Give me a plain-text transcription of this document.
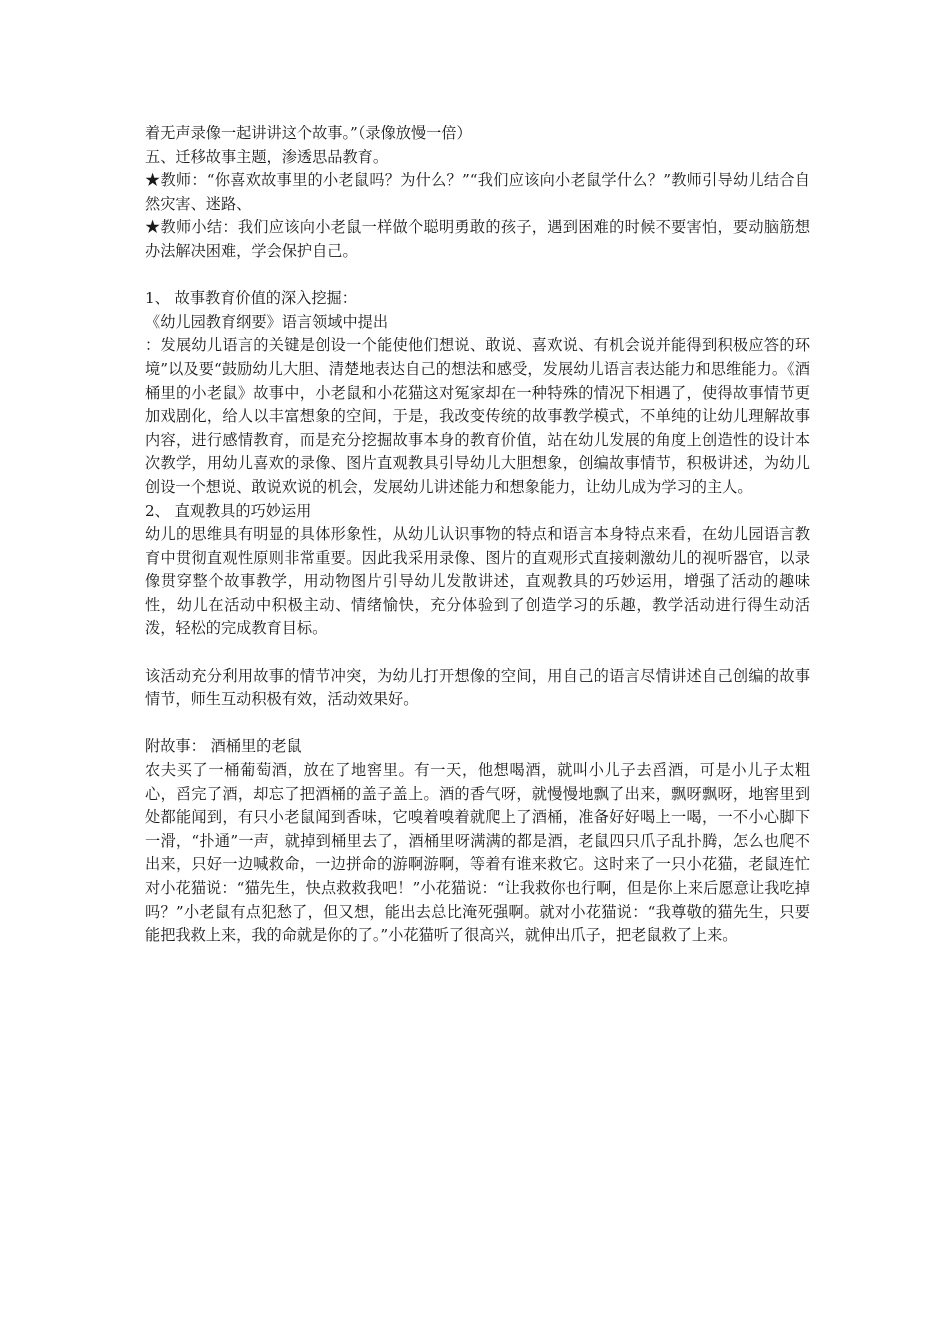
着无声录像一起讲讲这个故事。”（录像放慢一倍）

五、迁移故事主题，渗透思品教育。

★教师：“你喜欢故事里的小老鼠吗？为什么？”“我们应该向小老鼠学什么？”教师引导幼儿结合自然灾害、迷路、

★教师小结：我们应该向小老鼠一样做个聪明勇敢的孩子，遇到困难的时候不要害怕，要动脑筋想办法解决困难，学会保护自己。

1、 故事教育价值的深入挖掘：

《幼儿园教育纲要》语言领域中提出

：发展幼儿语言的关键是创设一个能使他们想说、敢说、喜欢说、有机会说并能得到积极应答的环境”以及要“鼓励幼儿大胆、清楚地表达自己的想法和感受，发展幼儿语言表达能力和思维能力。《酒桶里的小老鼠》故事中，小老鼠和小花猫这对冤家却在一种特殊的情况下相遇了，使得故事情节更加戏剧化，给人以丰富想象的空间，于是，我改变传统的故事教学模式，不单纯的让幼儿理解故事内容，进行感情教育，而是充分挖掘故事本身的教育价值，站在幼儿发展的角度上创造性的设计本次教学，用幼儿喜欢的录像、图片直观教具引导幼儿大胆想象，创编故事情节，积极讲述，为幼儿创设一个想说、敢说欢说的机会，发展幼儿讲述能力和想象能力，让幼儿成为学习的主人。

2、 直观教具的巧妙运用

幼儿的思维具有明显的具体形象性，从幼儿认识事物的特点和语言本身特点来看，在幼儿园语言教育中贯彻直观性原则非常重要。因此我采用录像、图片的直观形式直接刺激幼儿的视听器官，以录像贯穿整个故事教学，用动物图片引导幼儿发散讲述，直观教具的巧妙运用，增强了活动的趣味性，幼儿在活动中积极主动、情绪愉快，充分体验到了创造学习的乐趣，教学活动进行得生动活泼，轻松的完成教育目标。

该活动充分利用故事的情节冲突，为幼儿打开想像的空间，用自己的语言尽情讲述自己创编的故事情节，师生互动积极有效，活动效果好。

附故事： 酒桶里的老鼠

农夫买了一桶葡萄酒，放在了地窖里。有一天，他想喝酒，就叫小儿子去舀酒，可是小儿子太粗心，舀完了酒，却忘了把酒桶的盖子盖上。酒的香气呀，就慢慢地飘了出来，飘呀飘呀，地窖里到处都能闻到，有只小老鼠闻到香味，它嗅着嗅着就爬上了酒桶，准备好好喝上一喝，一不小心脚下一滑，“扑通”一声，就掉到桶里去了，酒桶里呀满满的都是酒，老鼠四只爪子乱扑腾，怎么也爬不出来，只好一边喊救命，一边拼命的游啊游啊，等着有谁来救它。这时来了一只小花猫，老鼠连忙对小花猫说：“猫先生，快点救救我吧！”小花猫说：“让我救你也行啊，但是你上来后愿意让我吃掉吗？”小老鼠有点犯愁了，但又想，能出去总比淹死强啊。就对小花猫说：“我尊敬的猫先生，只要能把我救上来，我的命就是你的了。”小花猫听了很高兴，就伸出爪子，把老鼠救了上来。
